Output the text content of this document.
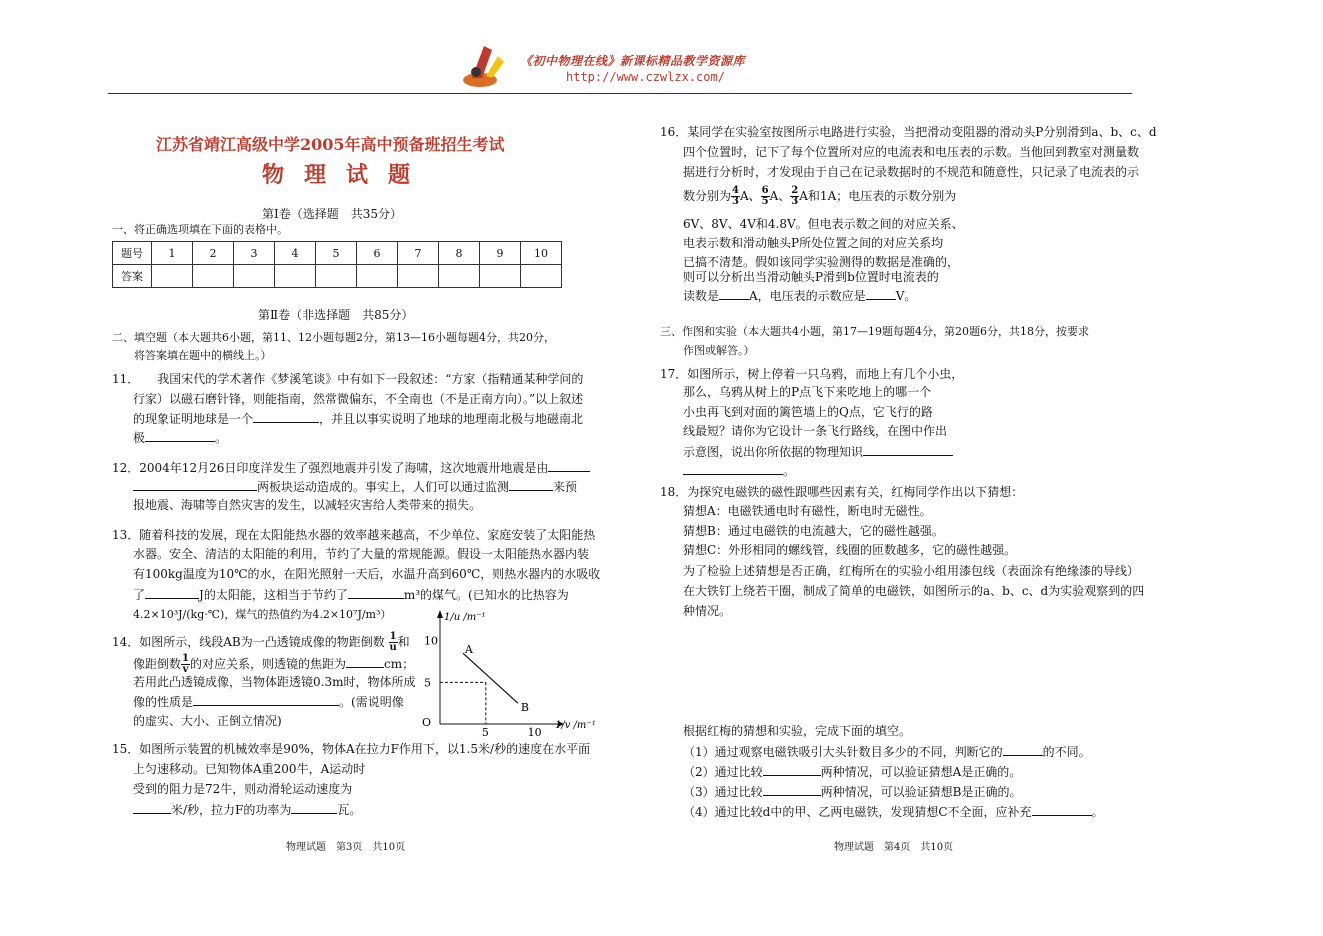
《初中物理在线》新课标精品教学资源库
http://www.czwlzx.com/
江苏省靖江高级中学2005年高中预备班招生考试
物理试题
第Ⅰ卷（选择题　共35分）
一、将正确选项填在下面的表格中。
题号	1	2	3	4	5	6	7	8	9	10
答案										
第Ⅱ卷（非选择题　共85分）
二、填空题（本大题共6小题，第11、12小题每题2分，第13—16小题每题4分，共20分，
将答案填在题中的横线上。）
11．　　我国宋代的学术著作《梦溪笔谈》中有如下一段叙述：“方家（指精通某种学问的
行家）以磁石磨针锋，则能指南，然常微偏东，不全南也（不是正南方向）。”以上叙述
的现象证明地球是一个	，并且以事实说明了地球的地理南北极与地磁南北
极	。
12．2004年12月26日印度洋发生了强烈地震并引发了海啸，这次地震卅地震是由
两板块运动造成的。事实上，人们可以通过监测	来预
报地震、海啸等自然灾害的发生，以减轻灾害给人类带来的损失。
13．随着科技的发展，现在太阳能热水器的效率越来越高，不少单位、家庭安装了太阳能热
水器。安全、清洁的太阳能的利用，节约了大量的常规能源。假设一太阳能热水器内装
有100kg温度为10℃的水，在阳光照射一天后，水温升高到60℃，则热水器内的水吸收
了	J的太阳能，这相当于节约了	m³的煤气。(已知水的比热容为
4.2×10³J/(kg·℃)，煤气的热值约为4.2×10⁷J/m³）
14．如图所示，线段AB为一凸透镜成像的物距倒数 $\frac{1}{u}$ 和
像距倒数 $\frac{1}{v}$ 的对应关系，则透镜的焦距为	cm；
若用此凸透镜成像，当物体距透镜0.3m时，物体所成
像的性质是	。(需说明像
的虚实、大小、正倒立情况)	O
1/u /m⁻¹
1/v /m⁻¹
5	10
5
10
A
B
15．如图所示装置的机械效率是90%，物体A在拉力F作用下，以1.5米/秒的速度在水平面
上匀速移动。已知物体A重200牛，A运动时
受到的阻力是72牛，则动滑轮运动速度为
米/秒，拉力F的功率为	瓦。
物理试题　第3页　共10页
16．某同学在实验室按图所示电路进行实验，当把滑动变阻器的滑动头P分别滑到a、b、c、d
四个位置时，记下了每个位置所对应的电流表和电压表的示数。当他回到教室对测量数
据进行分析时，才发现由于自己在记录数据时的不规范和随意性，只记录了电流表的示
数分别为 $\frac{4}{3}$ A、 $\frac{6}{5}$ A、 $\frac{2}{3}$ A和1A；电压表的示数分别为
6V、8V、4V和4.8V。但电表示数之间的对应关系、
电表示数和滑动触头P所处位置之间的对应关系均
已搞不清楚。假如该同学实验测得的数据是准确的，
则可以分析出当滑动触头P滑到b位置时电流表的
读数是	A，电压表的示数应是	V。
三、作图和实验（本大题共4小题，第17—19题每题4分，第20题6分，共18分，按要求
作图或解答。）
17．如图所示，树上停着一只乌鸦，而地上有几个小虫，
那么，乌鸦从树上的P点飞下来吃地上的哪一个
小虫再飞到对面的篱笆墙上的Q点，它飞行的路
线最短？请你为它设计一条飞行路线，在图中作出
示意图，说出你所依据的物理知识
。
18．为探究电磁铁的磁性跟哪些因素有关，红梅同学作出以下猜想：
猜想A：电磁铁通电时有磁性，断电时无磁性。
猜想B：通过电磁铁的电流越大，它的磁性越强。
猜想C：外形相同的螺线管，线圈的匝数越多，它的磁性越强。
为了检验上述猜想是否正确，红梅所在的实验小组用漆包线（表面涂有绝缘漆的导线）
在大铁钉上绕若干圈，制成了简单的电磁铁，如图所示的a、b、c、d为实验观察到的四
种情况。
根据红梅的猜想和实验，完成下面的填空。
（1）通过观察电磁铁吸引大头针数目多少的不同，判断它的	的不同。
（2）通过比较	两种情况，可以验证猜想A是正确的。
（3）通过比较	两种情况，可以验证猜想B是正确的。
（4）通过比较d中的甲、乙两电磁铁，发现猜想C不全面，应补充	。
物理试题　第4页　共10页
